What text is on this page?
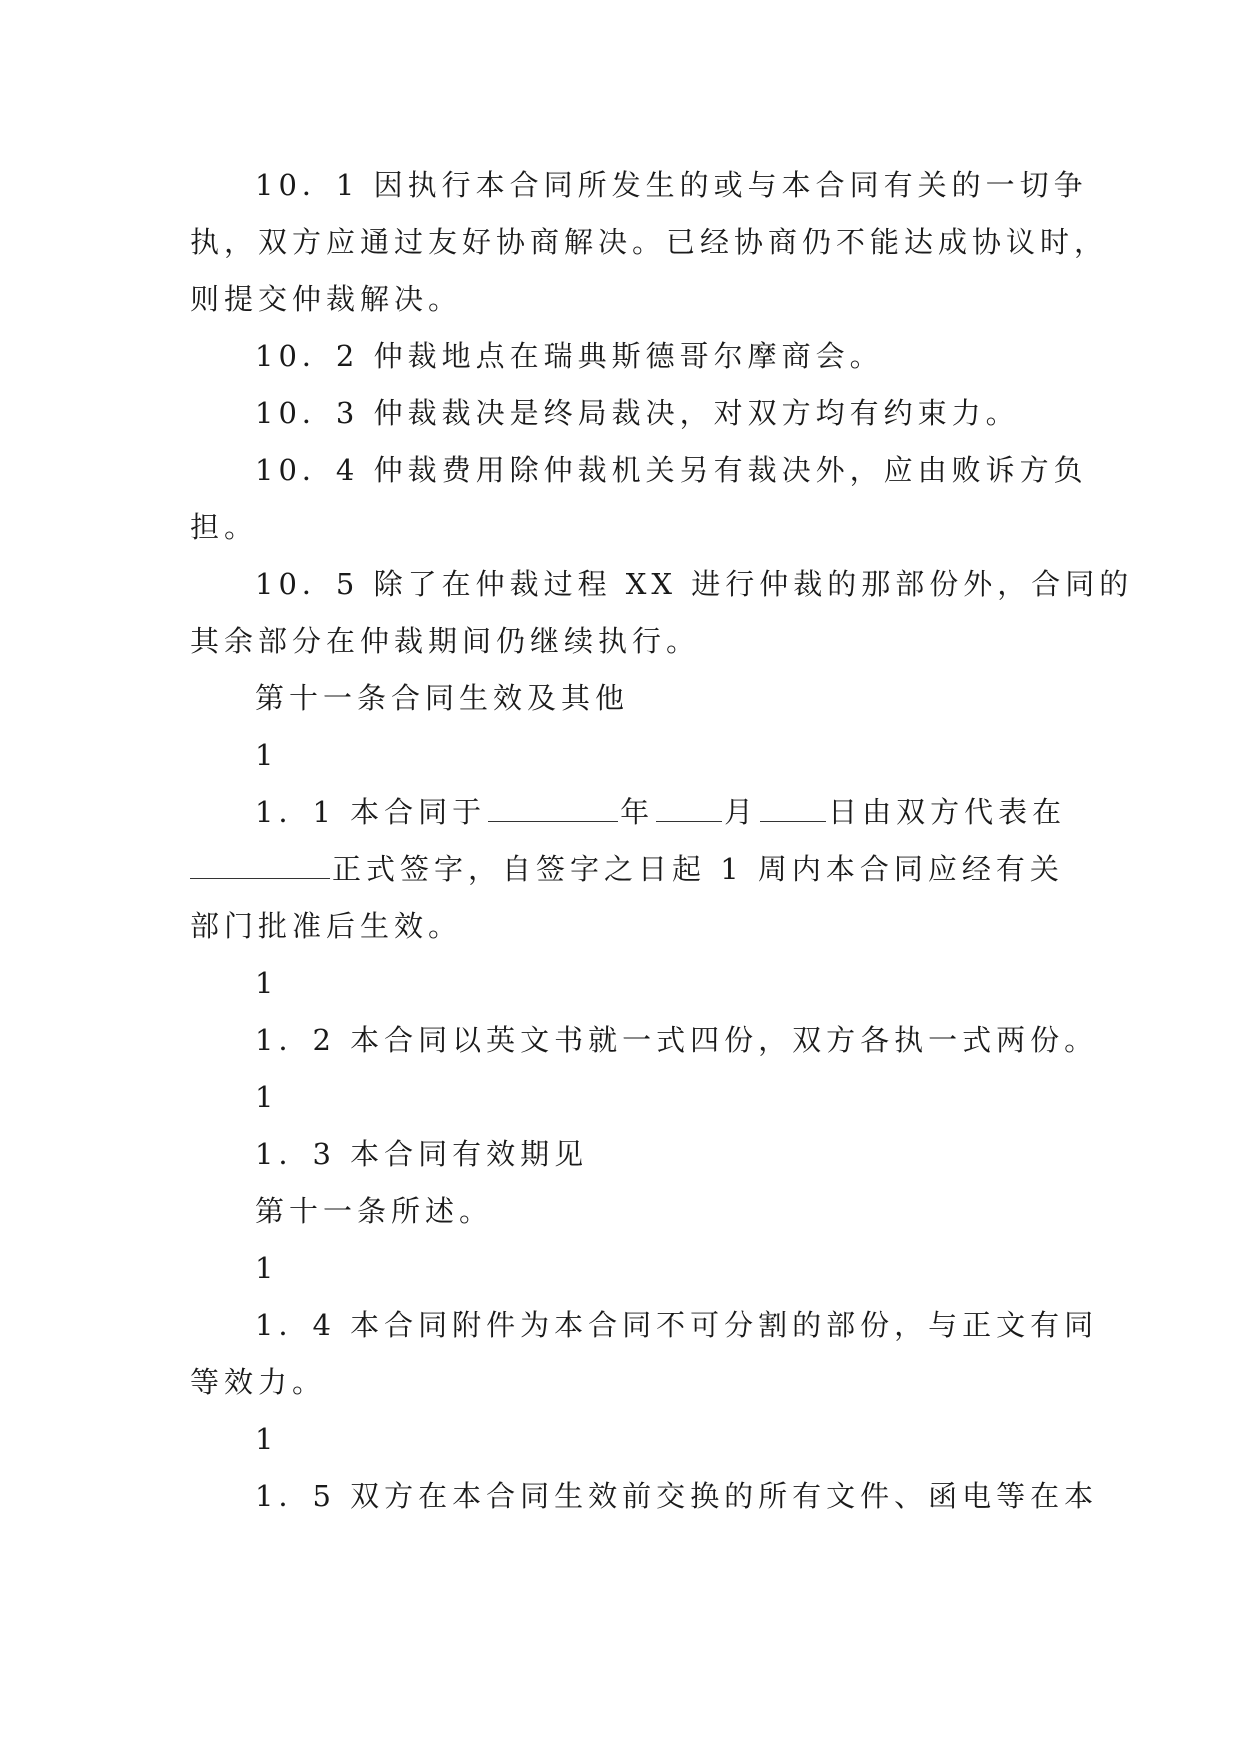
10．1 因执行本合同所发生的或与本合同有关的一切争
执，双方应通过友好协商解决。已经协商仍不能达成协议时，
则提交仲裁解决。
10．2 仲裁地点在瑞典斯德哥尔摩商会。
10．3 仲裁裁决是终局裁决，对双方均有约束力。
10．4 仲裁费用除仲裁机关另有裁决外，应由败诉方负
担。
10．5 除了在仲裁过程 XX 进行仲裁的那部份外，合同的
其余部分在仲裁期间仍继续执行。
第十一条合同生效及其他
1
1．1 本合同于	年 月 日由双方代表在
正式签字，自签字之日起 1 周内本合同应经有关
部门批准后生效。
1
1．2 本合同以英文书就一式四份，双方各执一式两份。
1
1．3 本合同有效期见
第十一条所述。
1
1．4 本合同附件为本合同不可分割的部份，与正文有同
等效力。
1
1．5 双方在本合同生效前交换的所有文件、函电等在本
